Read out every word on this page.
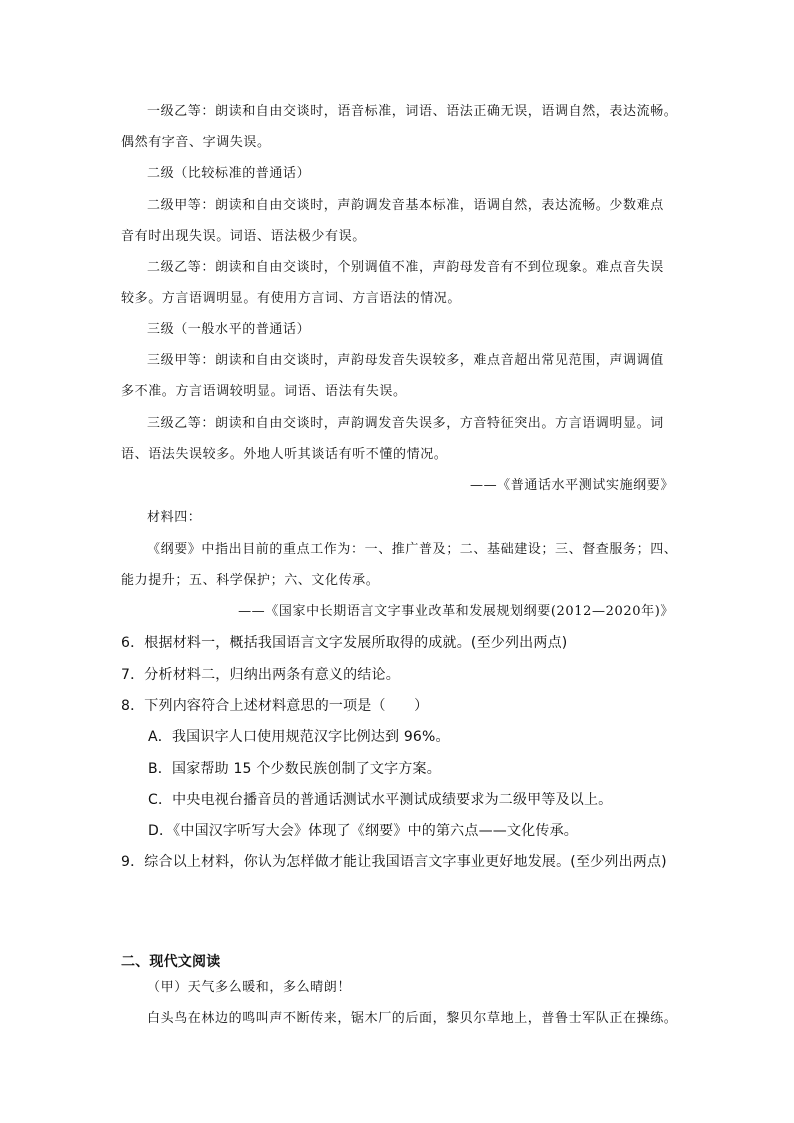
一级乙等：朗读和自由交谈时，语音标准，词语、语法正确无误，语调自然，表达流畅。
偶然有字音、字调失误。
二级（比较标准的普通话）
二级甲等：朗读和自由交谈时，声韵调发音基本标准，语调自然，表达流畅。少数难点
音有时出现失误。词语、语法极少有误。
二级乙等：朗读和自由交谈时，个别调值不准，声韵母发音有不到位现象。难点音失误
较多。方言语调明显。有使用方言词、方言语法的情况。
三级（一般水平的普通话）
三级甲等：朗读和自由交谈时，声韵母发音失误较多，难点音超出常见范围，声调调值
多不准。方言语调较明显。词语、语法有失误。
三级乙等：朗读和自由交谈时，声韵调发音失误多，方音特征突出。方言语调明显。词
语、语法失误较多。外地人听其谈话有听不懂的情况。
——《普通话水平测试实施纲要》
材料四：
《纲要》中指出目前的重点工作为：一、推广普及；二、基础建设；三、督查服务；四、
能力提升；五、科学保护；六、文化传承。
——《国家中长期语言文字事业改革和发展规划纲要(2012—2020年)》
6．根据材料一，概括我国语言文字发展所取得的成就。(至少列出两点)
7．分析材料二，归纳出两条有意义的结论。
8．下列内容符合上述材料意思的一项是（　　）
A．我国识字人口使用规范汉字比例达到 96%。
B．国家帮助 15 个少数民族创制了文字方案。
C．中央电视台播音员的普通话测试水平测试成绩要求为二级甲等及以上。
D．《中国汉字听写大会》体现了《纲要》中的第六点——文化传承。
9．综合以上材料，你认为怎样做才能让我国语言文字事业更好地发展。(至少列出两点)
二、现代文阅读
（甲）天气多么暖和，多么晴朗！
白头鸟在林边的鸣叫声不断传来，锯木厂的后面，黎贝尔草地上，普鲁士军队正在操练。
